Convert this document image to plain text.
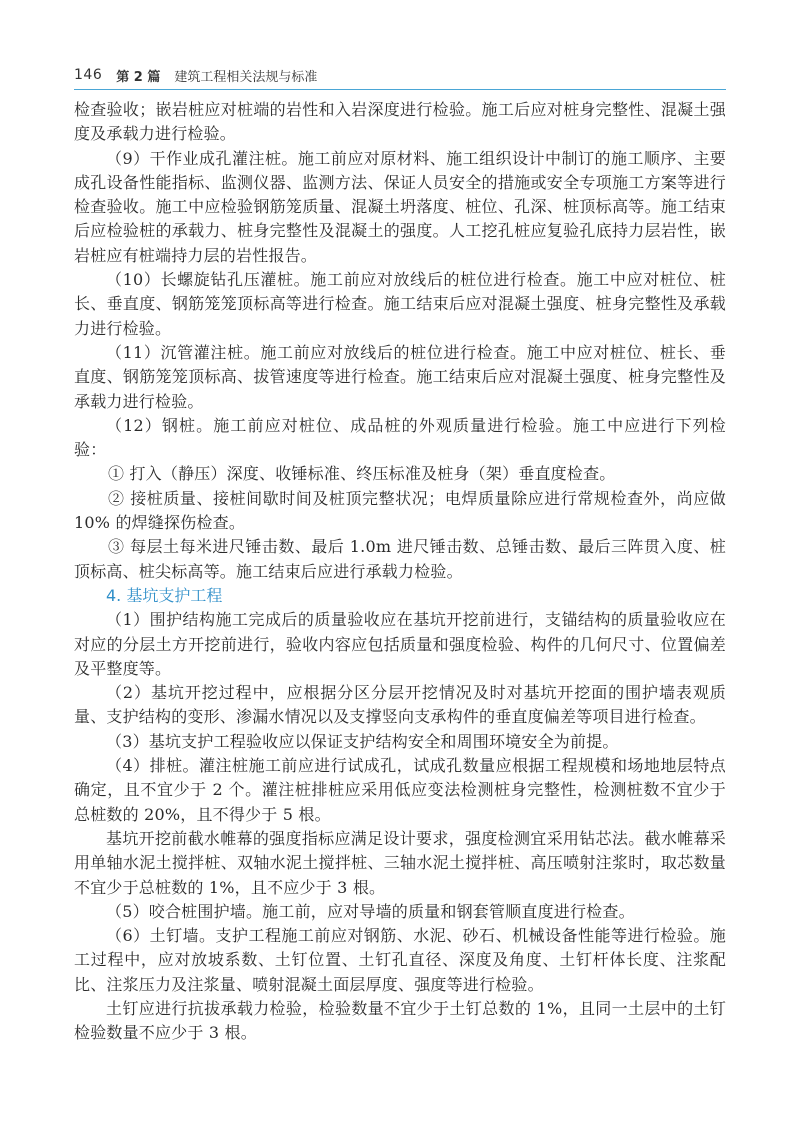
146 第 2 篇 建筑工程相关法规与标准

检查验收；嵌岩桩应对桩端的岩性和入岩深度进行检验。施工后应对桩身完整性、混凝土强度及承载力进行检验。

（9）干作业成孔灌注桩。施工前应对原材料、施工组织设计中制订的施工顺序、主要成孔设备性能指标、监测仪器、监测方法、保证人员安全的措施或安全专项施工方案等进行检查验收。施工中应检验钢筋笼质量、混凝土坍落度、桩位、孔深、桩顶标高等。施工结束后应检验桩的承载力、桩身完整性及混凝土的强度。人工挖孔桩应复验孔底持力层岩性，嵌岩桩应有桩端持力层的岩性报告。

（10）长螺旋钻孔压灌桩。施工前应对放线后的桩位进行检查。施工中应对桩位、桩长、垂直度、钢筋笼笼顶标高等进行检查。施工结束后应对混凝土强度、桩身完整性及承载力进行检验。

（11）沉管灌注桩。施工前应对放线后的桩位进行检查。施工中应对桩位、桩长、垂直度、钢筋笼笼顶标高、拔管速度等进行检查。施工结束后应对混凝土强度、桩身完整性及承载力进行检验。

（12）钢桩。施工前应对桩位、成品桩的外观质量进行检验。施工中应进行下列检验：

① 打入（静压）深度、收锤标准、终压标准及桩身（架）垂直度检查。

② 接桩质量、接桩间歇时间及桩顶完整状况；电焊质量除应进行常规检查外，尚应做 10% 的焊缝探伤检查。

③ 每层土每米进尺锤击数、最后 1.0m 进尺锤击数、总锤击数、最后三阵贯入度、桩顶标高、桩尖标高等。施工结束后应进行承载力检验。

4. 基坑支护工程

（1）围护结构施工完成后的质量验收应在基坑开挖前进行，支锚结构的质量验收应在对应的分层土方开挖前进行，验收内容应包括质量和强度检验、构件的几何尺寸、位置偏差及平整度等。

（2）基坑开挖过程中，应根据分区分层开挖情况及时对基坑开挖面的围护墙表观质量、支护结构的变形、渗漏水情况以及支撑竖向支承构件的垂直度偏差等项目进行检查。

（3）基坑支护工程验收应以保证支护结构安全和周围环境安全为前提。

（4）排桩。灌注桩施工前应进行试成孔，试成孔数量应根据工程规模和场地地层特点确定，且不宜少于 2 个。灌注桩排桩应采用低应变法检测桩身完整性，检测桩数不宜少于总桩数的 20%，且不得少于 5 根。

基坑开挖前截水帷幕的强度指标应满足设计要求，强度检测宜采用钻芯法。截水帷幕采用单轴水泥土搅拌桩、双轴水泥土搅拌桩、三轴水泥土搅拌桩、高压喷射注浆时，取芯数量不宜少于总桩数的 1%，且不应少于 3 根。

（5）咬合桩围护墙。施工前，应对导墙的质量和钢套管顺直度进行检查。

（6）土钉墙。支护工程施工前应对钢筋、水泥、砂石、机械设备性能等进行检验。施工过程中，应对放坡系数、土钉位置、土钉孔直径、深度及角度、土钉杆体长度、注浆配比、注浆压力及注浆量、喷射混凝土面层厚度、强度等进行检验。

土钉应进行抗拔承载力检验，检验数量不宜少于土钉总数的 1%，且同一土层中的土钉检验数量不应少于 3 根。
